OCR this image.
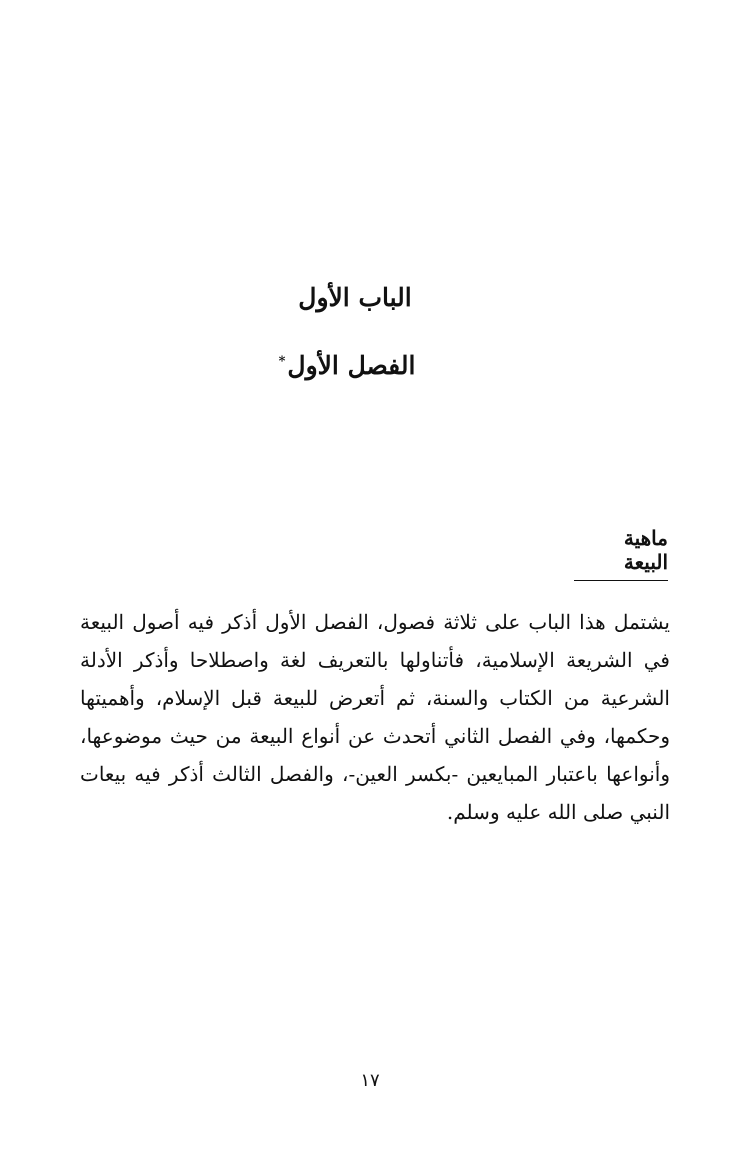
الباب الأول
الفصل الأول*
ماهية البيعة

يشتمل هذا الباب على ثلاثة فصول، الفصل الأول أذكر فيه أصول البيعة في الشريعة الإسلامية، فأتناولها بالتعريف لغة واصطلاحا وأذكر الأدلة الشرعية من الكتاب والسنة، ثم أتعرض للبيعة قبل الإسلام، وأهميتها وحكمها، وفي الفصل الثاني أتحدث عن أنواع البيعة من حيث موضوعها، وأنواعها باعتبار المبايعين -بكسر العين-، والفصل الثالث أذكر فيه بيعات النبي صلى الله عليه وسلم.

١٧
